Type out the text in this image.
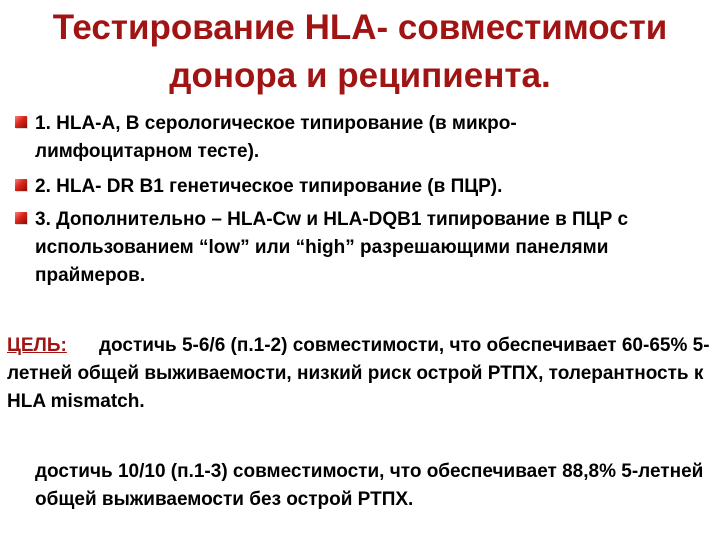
Тестирование HLA- совместимости донора и реципиента.
1. HLA-A, B серологическое типирование (в микро-лимфоцитарном тесте).
2. HLA- DR B1 генетическое типирование (в ПЦР).
3. Дополнительно – HLA-Cw и HLA-DQB1 типирование в ПЦР с использованием “low” или “high” разрешающими панелями праймеров.
ЦЕЛЬ:	достичь 5-6/6 (п.1-2) совместимости, что обеспечивает 60-65% 5-летней общей выживаемости, низкий риск острой РТПХ, толерантность к HLA mismatch.
достичь 10/10 (п.1-3) совместимости, что обеспечивает 88,8% 5-летней общей выживаемости без острой РТПХ.
